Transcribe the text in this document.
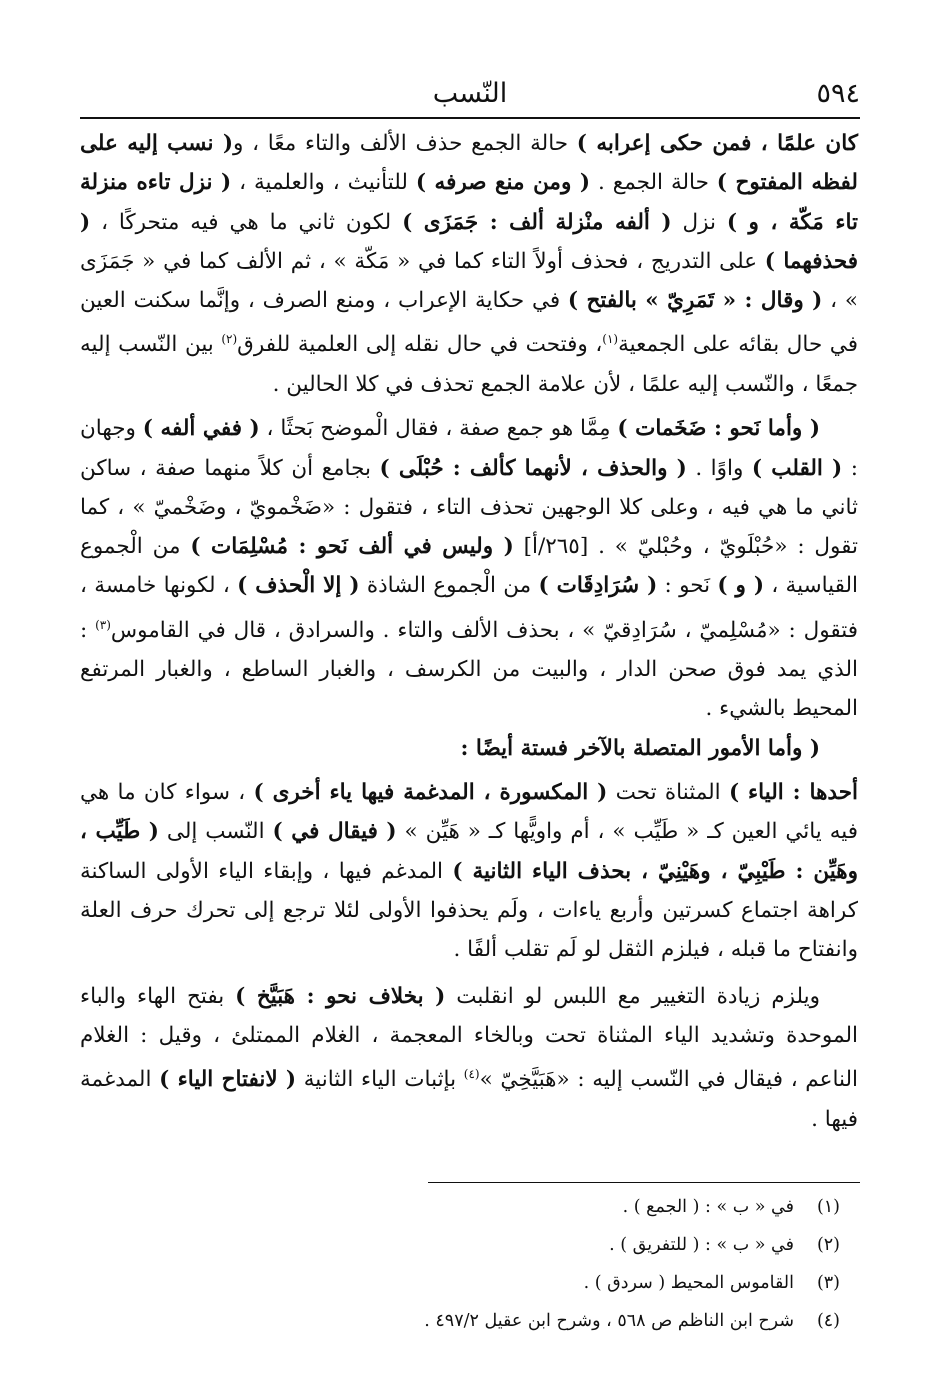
٥٩٤
النّسب

كان علمًا ، فمن حكى إعرابه ) حالة الجمع حذف الألف والتاء معًا ، و( نسب إليه على لفظه المفتوح ) حالة الجمع . ( ومن منع صرفه ) للتأنيث ، والعلمية ، ( نزل تاءه منزلة تاء مَكّة ، و ) نزل ( ألفه منْزلة ألف : جَمَزَى ) لكون ثاني ما هي فيه متحركًا ، ( فحذفهما ) على التدريج ، فحذف أولاً التاء كما في « مَكّة » ، ثم الألف كما في « جَمَزَى » ، ( وقال : « تَمَرِيّ » بالفتح ) في حكاية الإعراب ، ومنع الصرف ، وإنَّما سكنت العين في حال بقائه على الجمعية$^{(١)}$، وفتحت في حال نقله إلى العلمية للفرق$^{(٢)}$ بين النّسب إليه جمعًا ، والنّسب إليه علمًا ، لأن علامة الجمع تحذف في كلا الحالين .

( وأما نَحو : ضَخَمات ) مِمَّا هو جمع صفة ، فقال الْموضح بَحثًا ، ( ففي ألفه ) وجهان : ( القلب ) واوًا . ( والحذف ، لأنهما كألف : حُبْلَى ) بجامع أن كلاً منهما صفة ، ساكن ثاني ما هي فيه ، وعلى كلا الوجهين تحذف التاء ، فتقول : «ضَخْمويّ ، وضَخْميّ » ، كما تقول : «حُبْلَويّ ، وحُبْليّ » . [٢٦٥/أ] ( وليس في ألف نَحو : مُسْلِمَات ) من الْجموع القياسية ، ( و ) نَحو : ( سُرَادِقَات ) من الْجموع الشاذة ( إلا الْحذف ) ، لكونها خامسة ، فتقول : «مُسْلِميّ ، سُرَادِقيّ » ، بحذف الألف والتاء . والسرادق ، قال في القاموس$^{(٣)}$ : الذي يمد فوق صحن الدار ، والبيت من الكرسف ، والغبار الساطع ، والغبار المرتفع المحيط بالشيء .

( وأما الأمور المتصلة بالآخر فستة أيضًا :

أحدها : الياء ) المثناة تحت ( المكسورة ، المدغمة فيها ياء أخرى ) ، سواء كان ما هي فيه يائي العين كـ « طَيِّب » ، أم واويًّها كـ « هَيِّن » ( فيقال في ) النّسب إلى ( طَيِّب ، وهَيِّن : طَيْبِيّ ، وهَيْنِيّ ، بحذف الياء الثانية ) المدغم فيها ، وإبقاء الياء الأولى الساكنة كراهة اجتماع كسرتين وأربع ياءات ، ولَم يحذفوا الأولى لئلا ترجع إلى تحرك حرف العلة وانفتاح ما قبله ، فيلزم الثقل لو لَم تقلب ألفًا .

ويلزم زيادة التغيير مع اللبس لو انقلبت ( بخلاف نحو : هَبَيَّخ ) بفتح الهاء والباء الموحدة وتشديد الياء المثناة تحت وبالخاء المعجمة ، الغلام الممتلئ ، وقيل : الغلام الناعم ، فيقال في النّسب إليه : «هَبَيَّخِيّ »$^{(٤)}$ بإثبات الياء الثانية ( لانفتاح الياء ) المدغمة فيها .

(١)
في « ب » : ( الجمع ) .
(٢)
في « ب » : ( للتفريق ) .
(٣)
القاموس المحيط ( سردق ) .
(٤)
شرح ابن الناظم ص ٥٦٨ ، وشرح ابن عقيل ٤٩٧/٢ .
